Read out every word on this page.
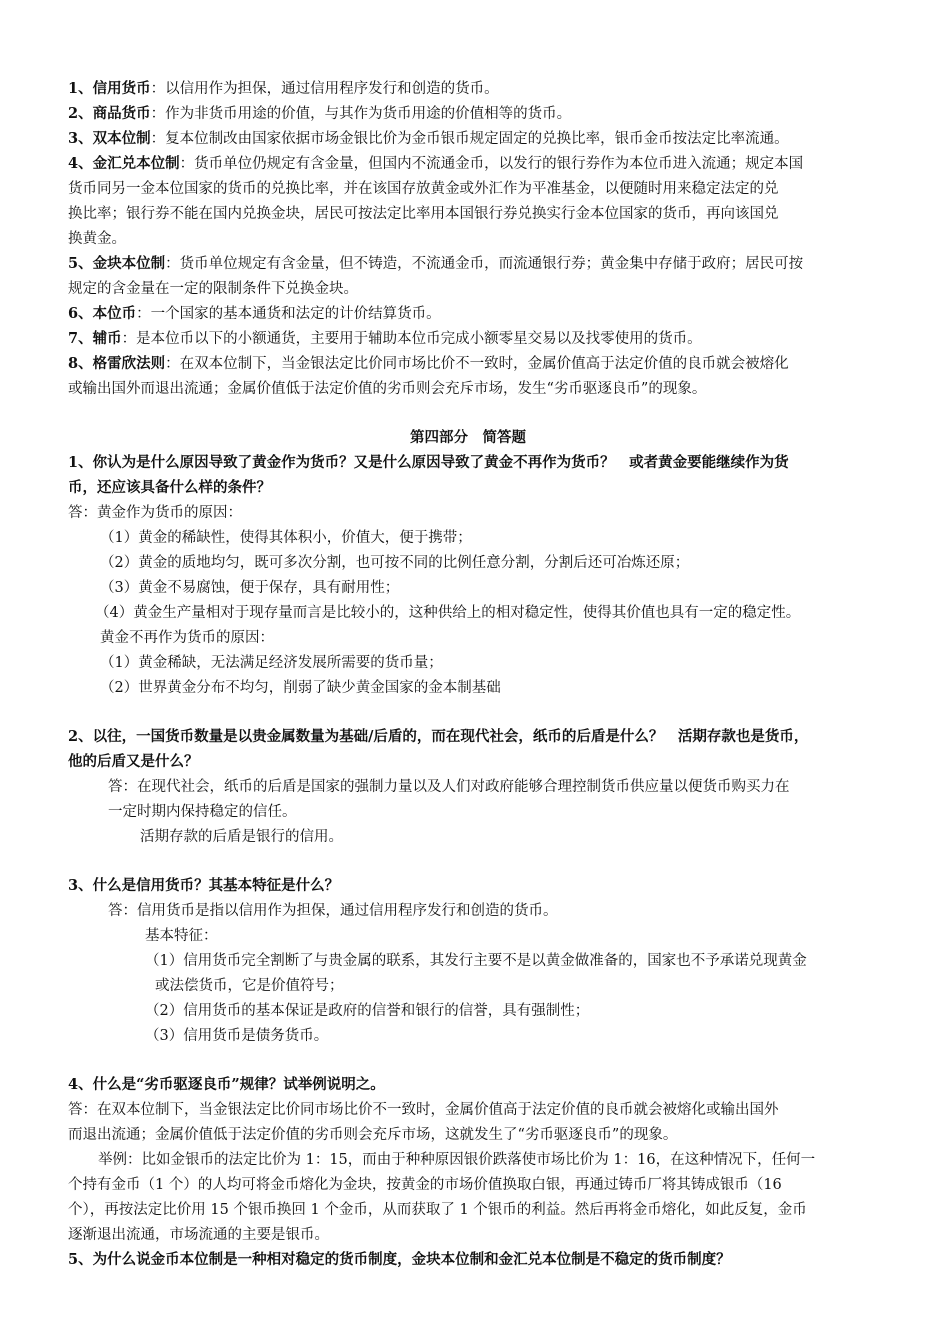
1、信用货币：以信用作为担保，通过信用程序发行和创造的货币。
2、商品货币：作为非货币用途的价值，与其作为货币用途的价值相等的货币。
3、双本位制：复本位制改由国家依据市场金银比价为金币银币规定固定的兑换比率，银币金币按法定比率流通。
4、金汇兑本位制：货币单位仍规定有含金量，但国内不流通金币，以发行的银行券作为本位币进入流通；规定本国
货币同另一金本位国家的货币的兑换比率，并在该国存放黄金或外汇作为平准基金，以便随时用来稳定法定的兑
换比率；银行券不能在国内兑换金块，居民可按法定比率用本国银行券兑换实行金本位国家的货币，再向该国兑
换黄金。
5、金块本位制：货币单位规定有含金量，但不铸造，不流通金币，而流通银行券；黄金集中存储于政府；居民可按
规定的含金量在一定的限制条件下兑换金块。
6、本位币：一个国家的基本通货和法定的计价结算货币。
7、辅币：是本位币以下的小额通货，主要用于辅助本位币完成小额零星交易以及找零使用的货币。
8、格雷欣法则：在双本位制下，当金银法定比价同市场比价不一致时，金属价值高于法定价值的良币就会被熔化
或输出国外而退出流通；金属价值低于法定价值的劣币则会充斥市场，发生“劣币驱逐良币”的现象。
第四部分　简答题
1、你认为是什么原因导致了黄金作为货币？又是什么原因导致了黄金不再作为货币？　或者黄金要能继续作为货
币，还应该具备什么样的条件？
答：黄金作为货币的原因：
（1）黄金的稀缺性，使得其体积小，价值大，便于携带；
（2）黄金的质地均匀，既可多次分割，也可按不同的比例任意分割，分割后还可冶炼还原；
（3）黄金不易腐蚀，便于保存，具有耐用性；
（4）黄金生产量相对于现存量而言是比较小的，这种供给上的相对稳定性，使得其价值也具有一定的稳定性。
黄金不再作为货币的原因：
（1）黄金稀缺，无法满足经济发展所需要的货币量；
（2）世界黄金分布不均匀，削弱了缺少黄金国家的金本制基础
2、以往，一国货币数量是以贵金属数量为基础/后盾的，而在现代社会，纸币的后盾是什么？　活期存款也是货币，
他的后盾又是什么？
答：在现代社会，纸币的后盾是国家的强制力量以及人们对政府能够合理控制货币供应量以便货币购买力在
一定时期内保持稳定的信任。
活期存款的后盾是银行的信用。
3、什么是信用货币？其基本特征是什么？
答：信用货币是指以信用作为担保，通过信用程序发行和创造的货币。
基本特征：
（1）信用货币完全割断了与贵金属的联系，其发行主要不是以黄金做准备的，国家也不予承诺兑现黄金
或法偿货币，它是价值符号；
（2）信用货币的基本保证是政府的信誉和银行的信誉，具有强制性；
（3）信用货币是债务货币。
4、什么是“劣币驱逐良币”规律？试举例说明之。
答：在双本位制下，当金银法定比价同市场比价不一致时，金属价值高于法定价值的良币就会被熔化或输出国外
而退出流通；金属价值低于法定价值的劣币则会充斥市场，这就发生了“劣币驱逐良币”的现象。
举例：比如金银币的法定比价为 1：15，而由于种种原因银价跌落使市场比价为 1：16，在这种情况下，任何一
个持有金币（1 个）的人均可将金币熔化为金块，按黄金的市场价值换取白银，再通过铸币厂将其铸成银币（16
个），再按法定比价用 15 个银币换回 1 个金币，从而获取了 1 个银币的利益。然后再将金币熔化，如此反复，金币
逐渐退出流通，市场流通的主要是银币。
5、为什么说金币本位制是一种相对稳定的货币制度，金块本位制和金汇兑本位制是不稳定的货币制度？
